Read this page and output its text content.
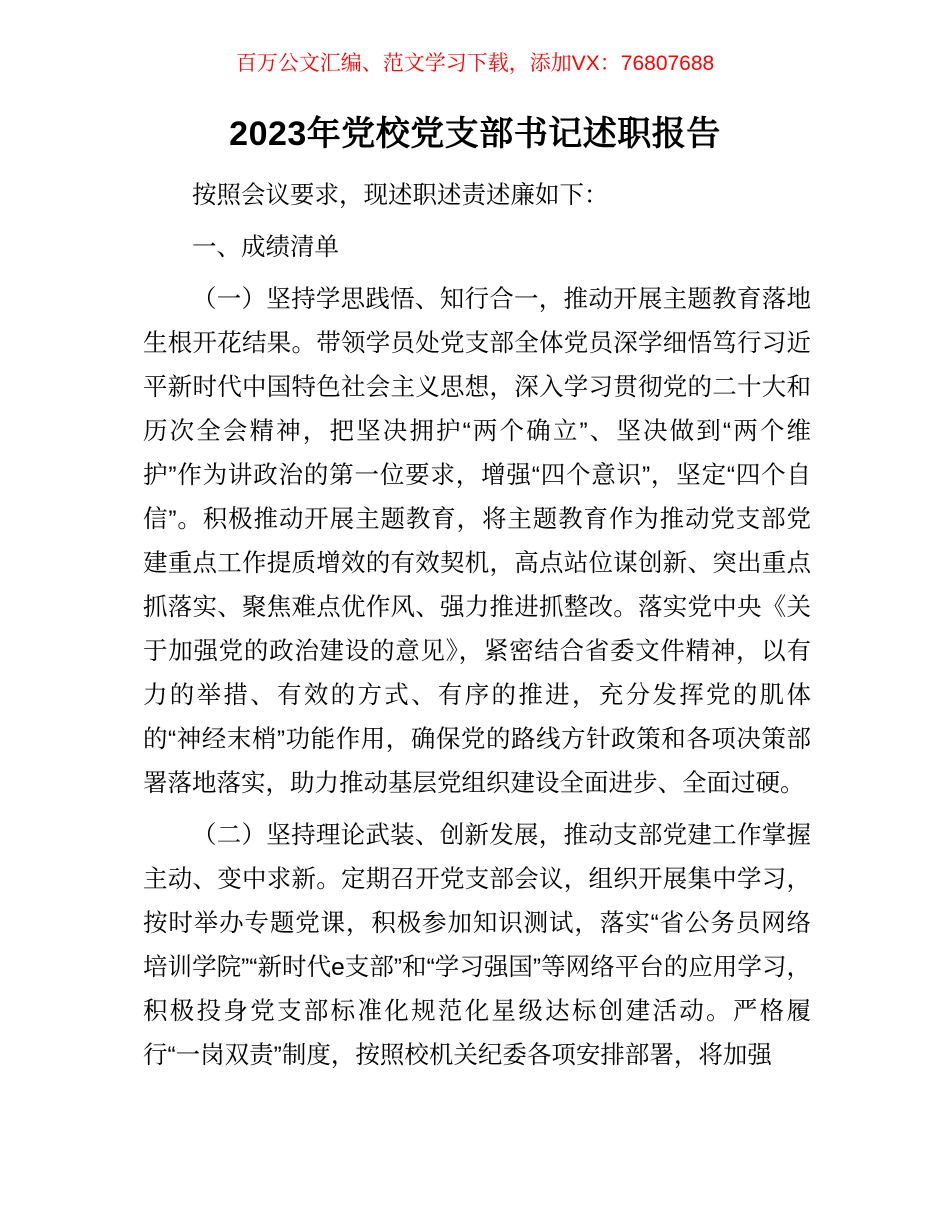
百万公文汇编、范文学习下载，添加VX：76807688
2023年党校党支部书记述职报告

按照会议要求，现述职述责述廉如下：

一、成绩清单

（一）坚持学思践悟、知行合一，推动开展主题教育落地生根开花结果。带领学员处党支部全体党员深学细悟笃行习近平新时代中国特色社会主义思想，深入学习贯彻党的二十大和历次全会精神，把坚决拥护“两个确立”、坚决做到“两个维护”作为讲政治的第一位要求，增强“四个意识”，坚定“四个自信”。积极推动开展主题教育，将主题教育作为推动党支部党建重点工作提质增效的有效契机，高点站位谋创新、突出重点抓落实、聚焦难点优作风、强力推进抓整改。落实党中央《关于加强党的政治建设的意见》，紧密结合省委文件精神，以有力的举措、有效的方式、有序的推进，充分发挥党的肌体的“神经末梢”功能作用，确保党的路线方针政策和各项决策部署落地落实，助力推动基层党组织建设全面进步、全面过硬。

（二）坚持理论武装、创新发展，推动支部党建工作掌握主动、变中求新。定期召开党支部会议，组织开展集中学习，按时举办专题党课，积极参加知识测试，落实“省公务员网络培训学院”“新时代e支部”和“学习强国”等网络平台的应用学习，积极投身党支部标准化规范化星级达标创建活动。严格履行“一岗双责”制度，按照校机关纪委各项安排部署，将加强
